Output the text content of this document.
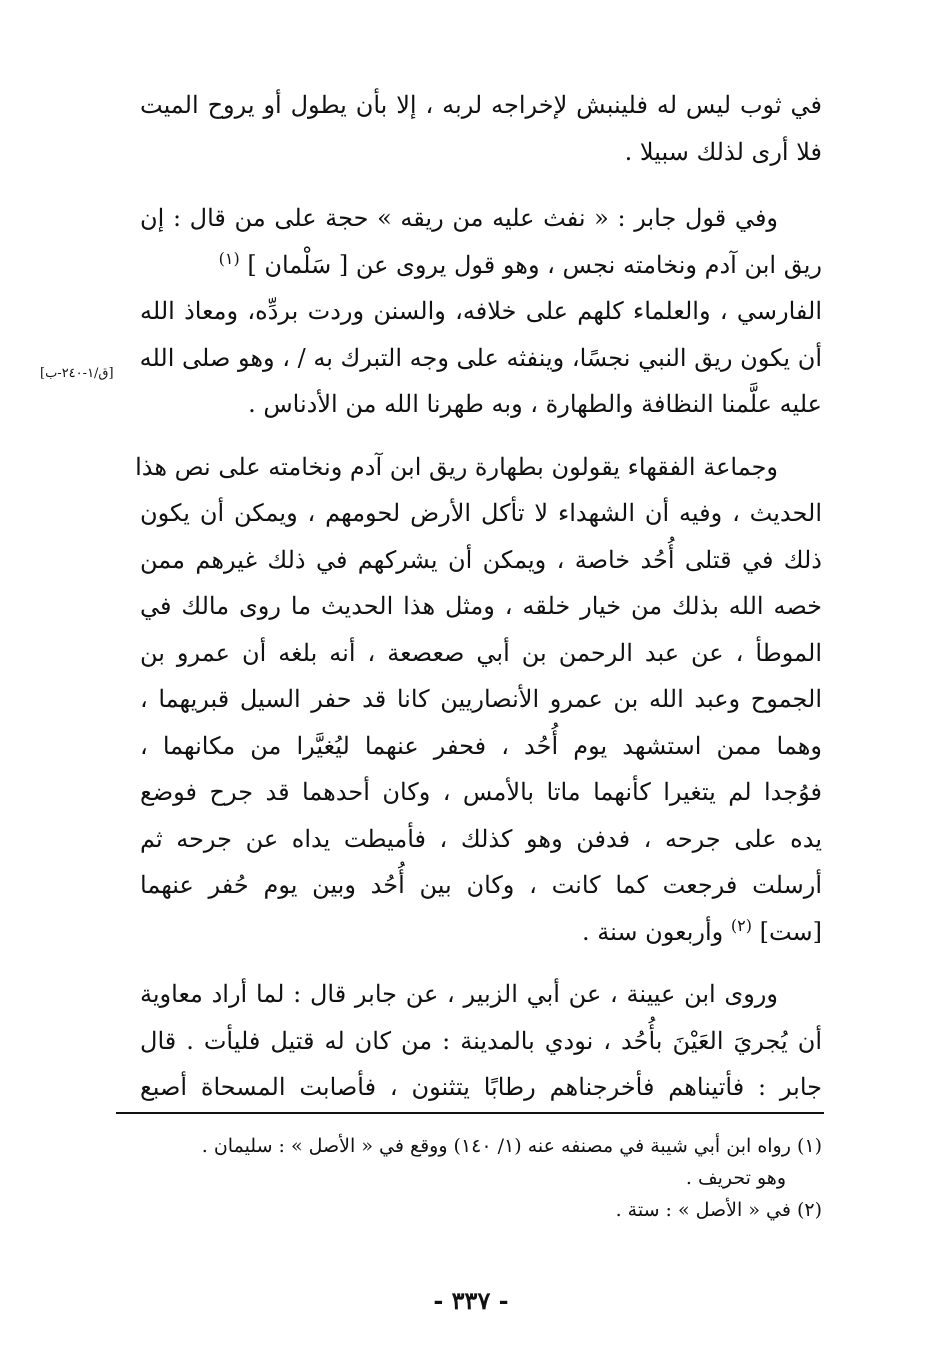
في ثوب ليس له فلينبش لإخراجه لربه ، إلا بأن يطول أو يروح الميت
فلا أرى لذلك سبيلا .

وفي قول جابر : « نفث عليه من ريقه » حجة على من قال : إن
ريق ابن آدم ونخامته نجس ، وهو قول يروى عن [ سَلْمان ] $^{(١)}$
الفارسي ، والعلماء كلهم على خلافه، والسنن وردت بردِّه، ومعاذ الله
أن يكون ريق النبي نجسًا، وينفثه على وجه التبرك به / ، وهو صلى الله
عليه علَّمنا النظافة والطهارة ، وبه طهرنا الله من الأدناس .

وجماعة الفقهاء يقولون بطهارة ريق ابن آدم ونخامته على نص هذا
الحديث ، وفيه أن الشهداء لا تأكل الأرض لحومهم ، ويمكن أن يكون
ذلك في قتلى أُحُد خاصة ، ويمكن أن يشركهم في ذلك غيرهم ممن
خصه الله بذلك من خيار خلقه ، ومثل هذا الحديث ما روى مالك في
الموطأ ، عن عبد الرحمن بن أبي صعصعة ، أنه بلغه أن عمرو بن
الجموح وعبد الله بن عمرو الأنصاريين كانا قد حفر السيل قبريهما ،
وهما ممن استشهد يوم أُحُد ، فحفر عنهما ليُغيَّرا من مكانهما ،
فوُجدا لم يتغيرا كأنهما ماتا بالأمس ، وكان أحدهما قد جرح فوضع
يده على جرحه ، فدفن وهو كذلك ، فأميطت يداه عن جرحه ثم
أرسلت فرجعت كما كانت ، وكان بين أُحُد وبين يوم حُفر عنهما
[ست] $^{(٢)}$ وأربعون سنة .

وروى ابن عيينة ، عن أبي الزبير ، عن جابر قال : لما أراد معاوية
أن يُجريَ العَيْنَ بأُحُد ، نودي بالمدينة : من كان له قتيل فليأت . قال
جابر : فأتيناهم فأخرجناهم رطابًا يتثنون ، فأصابت المسحاة أصبع

[ق/١-٢٤٠-ب]
(١) رواه ابن أبي شيبة في مصنفه عنه (١/ ١٤٠) ووقع في « الأصل » : سليمان .
وهو تحريف .
(٢) في « الأصل » : ستة .
- ٣٣٧ -
